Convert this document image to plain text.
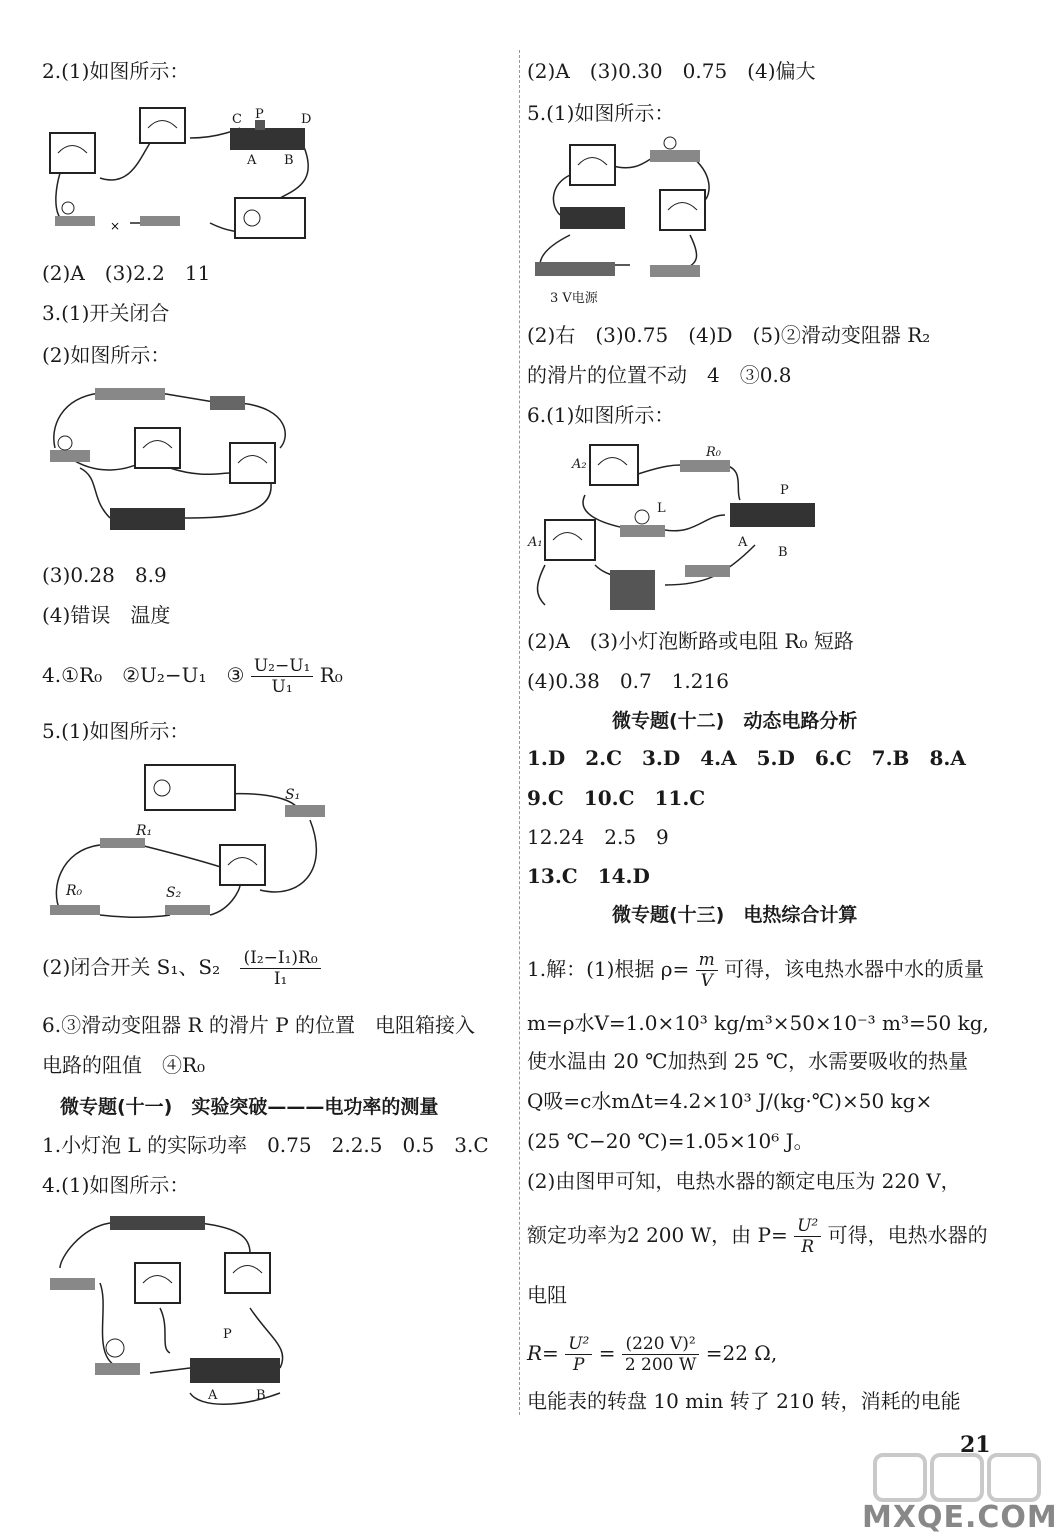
2.(1)如图所示：
×
C P	D
A B
(2)A　(3)2.2　11
3.(1)开关闭合
(2)如图所示：
(3)0.28　8.9
(4)错误　温度
4.①R₀　②U₂−U₁　③ $\frac{\text{U₂−U₁}}{\text{U₁}} R_0$
5.(1)如图所示：
R₁
S₁
R₀	S₂
(2)闭合开关 S₁、$S_2 \frac{\text{(I₂−I₁)R₀}}{\text{I₁}}$
6.③滑动变阻器 R 的滑片 P 的位置　电阻箱接入
电路的阻值　④R₀
微专题(十一)　实验突破———电功率的测量
1.小灯泡 L 的实际功率　0.75　2.2.5　0.5　3.C
4.(1)如图所示：
P
A	B
(2)A　(3)0.30　0.75　(4)偏大
5.(1)如图所示：
3 V电源
(2)右　(3)0.75　(4)D　(5)②滑动变阻器 R₂
的滑片的位置不动　4　③0.8
6.(1)如图所示：
A₂
R₀
P
L
A₁	A
B
(2)A　(3)小灯泡断路或电阻 R₀ 短路
(4)0.38　0.7　1.216
微专题(十二)　动态电路分析
1.D　2.C　3.D　4.A　5.D　6.C　7.B　8.A
9.C　10.C　11.C
12.24　2.5　9
13.C　14.D
微专题(十三)　电热综合计算
1.解：(1)根据 $\rho= \frac{m}{V}$ 可得，该电热水器中水的质量
m=ρ水V=1.0×10³ kg/m³×50×10⁻³ m³=50 kg,
使水温由 20 ℃加热到 25 ℃，水需要吸收的热量
Q吸=c水mΔt=4.2×10³ J/(kg·℃)×50 kg×
(25 ℃−20 ℃)=1.05×10⁶ J。
(2)由图甲可知，电热水器的额定电压为 220 V，
额定功率为2 200 W，由 $P= \frac{\text{U²}}{R}$ 可得，电热水器的
电阻
$R= \frac{\text{U²}}{P} = \frac{\text{(220 V)²}}{2 200 W} =22$ Ω,
电能表的转盘 10 min 转了 210 转，消耗的电能
21
MXQE.COM
